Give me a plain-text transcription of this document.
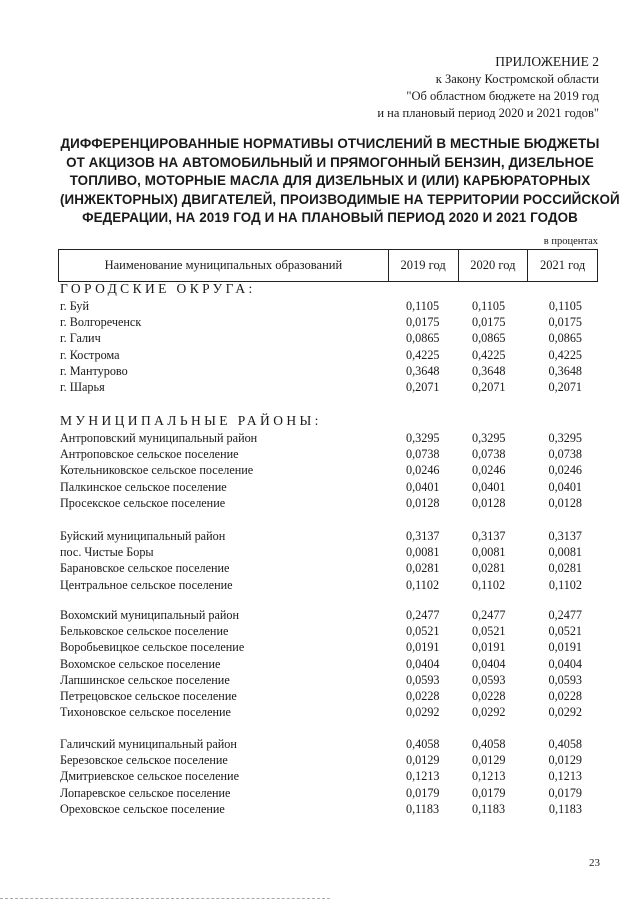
ПРИЛОЖЕНИЕ 2
к Закону Костромской области
"Об областном бюджете на 2019 год
и на плановый период 2020 и 2021 годов"
ДИФФЕРЕНЦИРОВАННЫЕ НОРМАТИВЫ ОТЧИСЛЕНИЙ В МЕСТНЫЕ БЮДЖЕТЫ
ОТ АКЦИЗОВ НА АВТОМОБИЛЬНЫЙ И ПРЯМОГОННЫЙ БЕНЗИН, ДИЗЕЛЬНОЕ
ТОПЛИВО, МОТОРНЫЕ МАСЛА ДЛЯ ДИЗЕЛЬНЫХ И (ИЛИ) КАРБЮРАТОРНЫХ
(ИНЖЕКТОРНЫХ) ДВИГАТЕЛЕЙ, ПРОИЗВОДИМЫЕ НА ТЕРРИТОРИИ РОССИЙСКОЙ
ФЕДЕРАЦИИ, НА 2019 ГОД И НА ПЛАНОВЫЙ ПЕРИОД 2020 И 2021 ГОДОВ
в процентах
Наименование муниципальных образований	2019 год	2020 год	2021 год
ГОРОДСКИЕ ОКРУГА:
г. Буй	0,1105	0,1105	0,1105
г. Волгореченск	0,0175	0,0175	0,0175
г. Галич	0,0865	0,0865	0,0865
г. Кострома	0,4225	0,4225	0,4225
г. Мантурово	0,3648	0,3648	0,3648
г. Шарья	0,2071	0,2071	0,2071
МУНИЦИПАЛЬНЫЕ РАЙОНЫ:
Антроповский муниципальный район	0,3295	0,3295	0,3295
Антроповское сельское поселение	0,0738	0,0738	0,0738
Котельниковское сельское поселение	0,0246	0,0246	0,0246
Палкинское сельское поселение	0,0401	0,0401	0,0401
Просекское сельское поселение	0,0128	0,0128	0,0128
Буйский муниципальный район	0,3137	0,3137	0,3137
пос. Чистые Боры	0,0081	0,0081	0,0081
Барановское сельское поселение	0,0281	0,0281	0,0281
Центральное сельское поселение	0,1102	0,1102	0,1102
Вохомский муниципальный район	0,2477	0,2477	0,2477
Бельковское сельское поселение	0,0521	0,0521	0,0521
Воробьевицкое сельское поселение	0,0191	0,0191	0,0191
Вохомское сельское поселение	0,0404	0,0404	0,0404
Лапшинское сельское поселение	0,0593	0,0593	0,0593
Петрецовское сельское поселение	0,0228	0,0228	0,0228
Тихоновское сельское поселение	0,0292	0,0292	0,0292
Галичский муниципальный район	0,4058	0,4058	0,4058
Березовское сельское поселение	0,0129	0,0129	0,0129
Дмитриевское сельское поселение	0,1213	0,1213	0,1213
Лопаревское сельское поселение	0,0179	0,0179	0,0179
Ореховское сельское поселение	0,1183	0,1183	0,1183
23
